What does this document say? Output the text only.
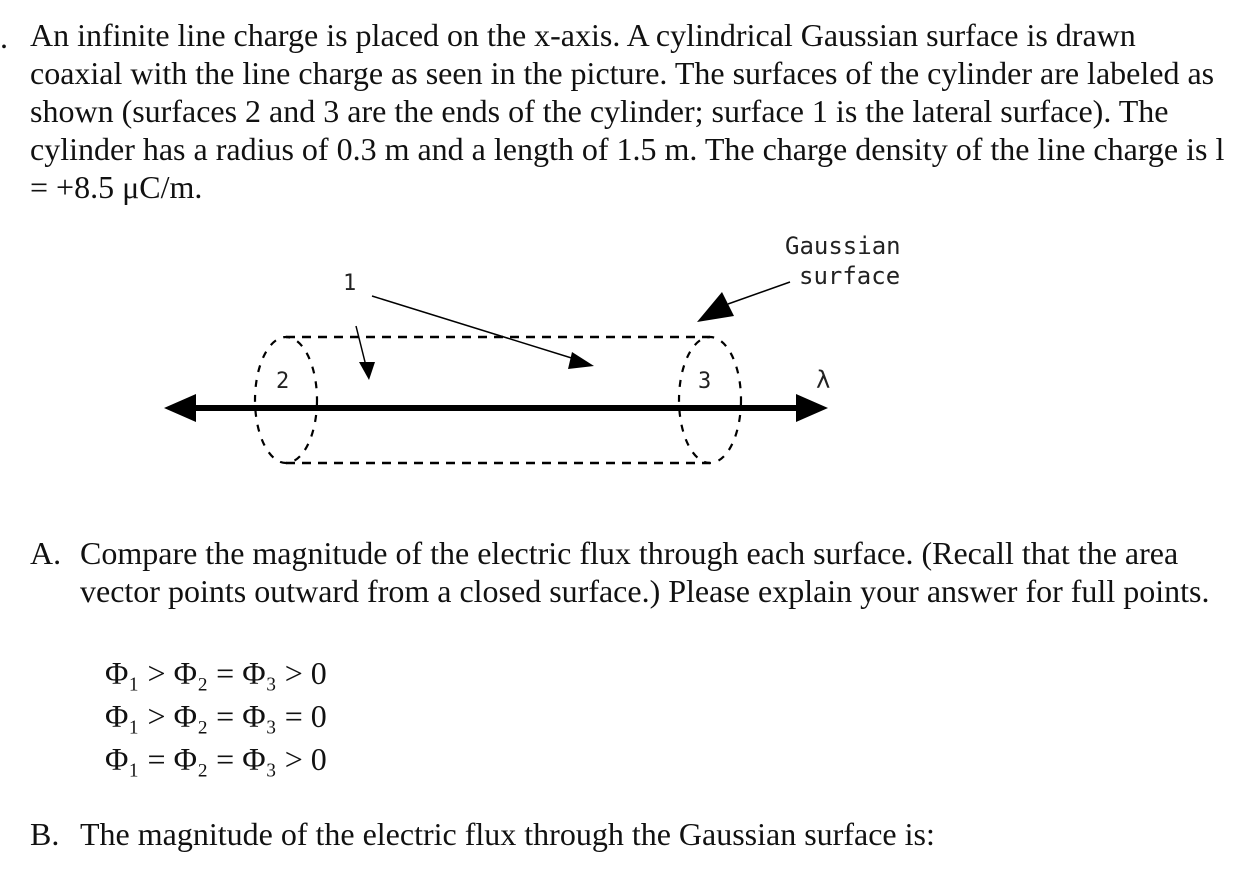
. An infinite line charge is placed on the x-axis. A cylindrical Gaussian surface is drawn coaxial with the line charge as seen in the picture. The surfaces of the cylinder are labeled as shown (surfaces 2 and 3 are the ends of the cylinder; surface 1 is the lateral surface). The cylinder has a radius of 0.3 m and a length of 1.5 m. The charge density of the line charge is l = +8.5 μC/m.

2	3
1
Gaussian
surface
λ
A. Compare the magnitude of the electric flux through each surface. (Recall that the area vector points outward from a closed surface.) Please explain your answer for full points.
Φ₁ > Φ₂ = Φ₃ > 0
Φ₁ > Φ₂ = Φ₃ = 0
Φ₁ = Φ₂ = Φ₃ > 0
B. The magnitude of the electric flux through the Gaussian surface is:
